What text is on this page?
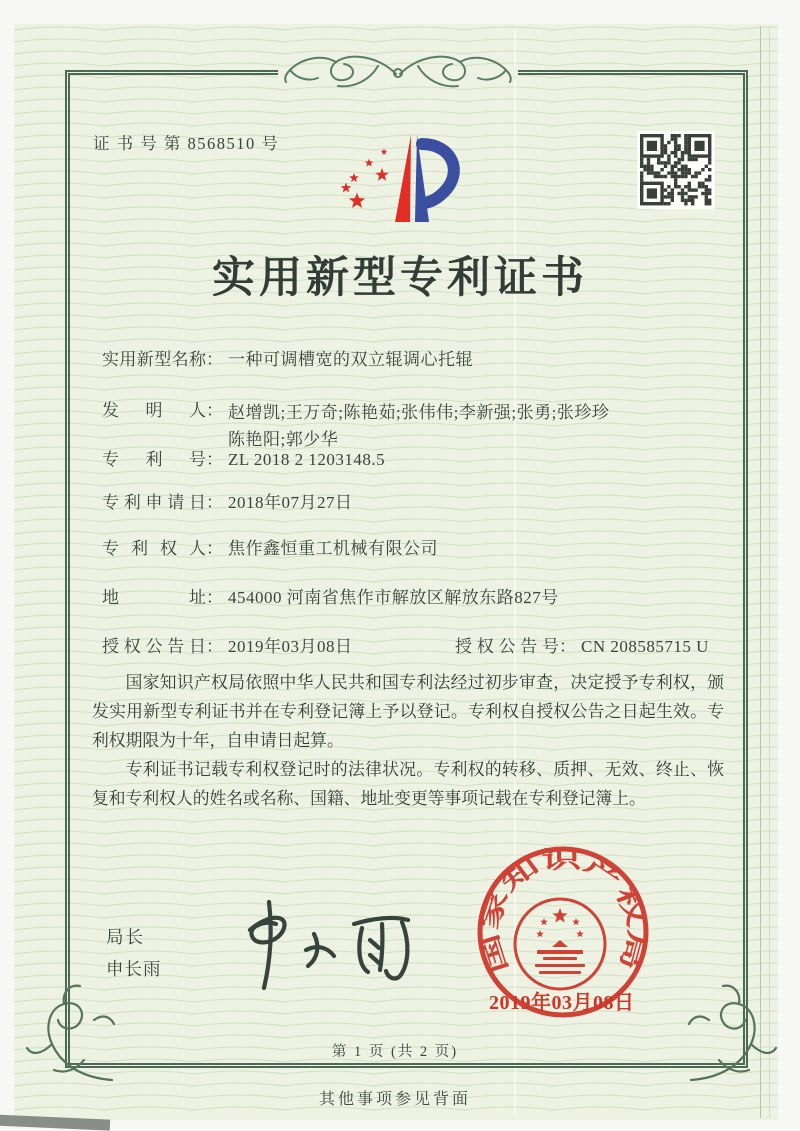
证 书 号 第 8568510 号
实用新型专利证书
实用新型名称： 一种可调槽宽的双立辊调心托辊
发明人： 赵增凯;王万奇;陈艳茹;张伟伟;李新强;张勇;张珍珍
陈艳阳;郭少华
专利号： ZL 2018 2 1203148.5
专利申请日： 2018年07月27日
专利权人： 焦作鑫恒重工机械有限公司
地址： 454000 河南省焦作市解放区解放东路827号
授权公告日： 2019年03月08日	授权公告号： CN 208585715 U

国家知识产权局依照中华人民共和国专利法经过初步审查，决定授予专利权，颁发实用新型专利证书并在专利登记簿上予以登记。专利权自授权公告之日起生效。专利权期限为十年，自申请日起算。

专利证书记载专利权登记时的法律状况。专利权的转移、质押、无效、终止、恢复和专利权人的姓名或名称、国籍、地址变更等事项记载在专利登记簿上。

局长
申长雨	国家知识产权局
2019年03月08日
第 1 页 (共 2 页)
其他事项参见背面
